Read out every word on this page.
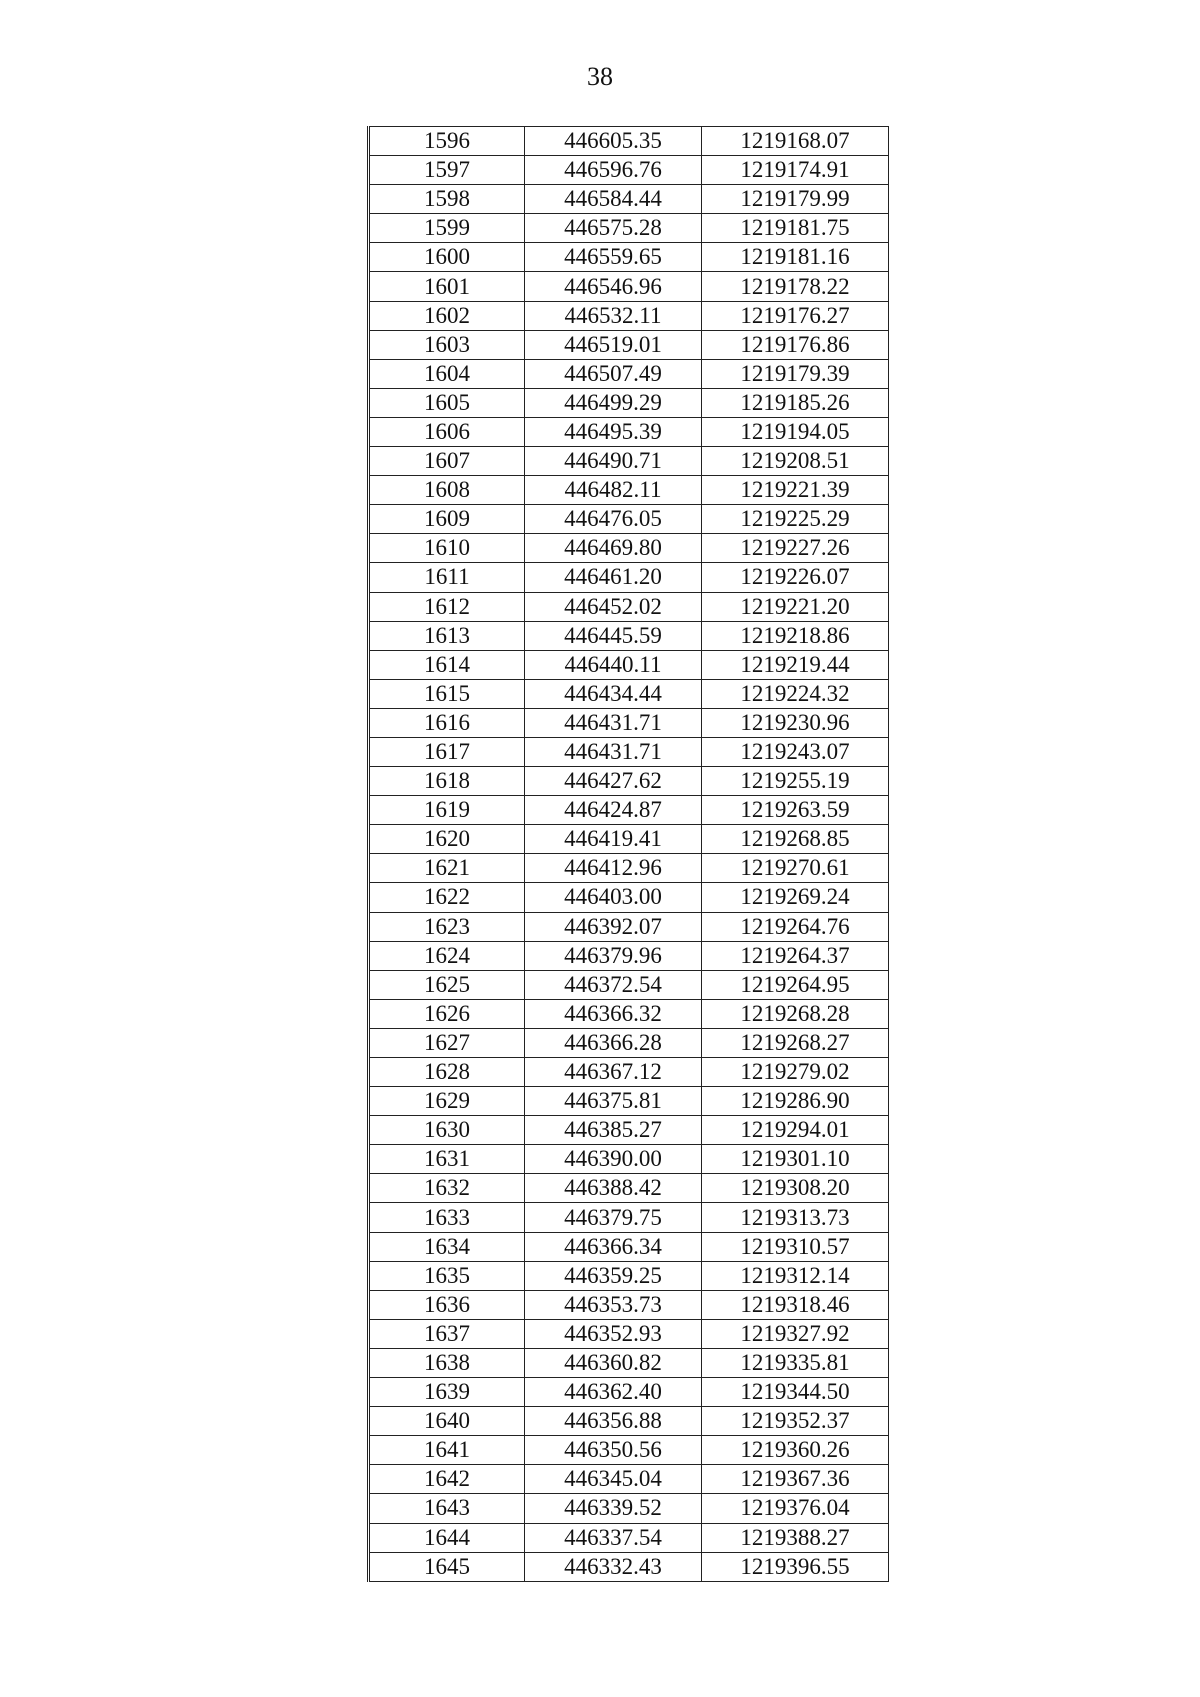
38
1596	446605.35	1219168.07
1597	446596.76	1219174.91
1598	446584.44	1219179.99
1599	446575.28	1219181.75
1600	446559.65	1219181.16
1601	446546.96	1219178.22
1602	446532.11	1219176.27
1603	446519.01	1219176.86
1604	446507.49	1219179.39
1605	446499.29	1219185.26
1606	446495.39	1219194.05
1607	446490.71	1219208.51
1608	446482.11	1219221.39
1609	446476.05	1219225.29
1610	446469.80	1219227.26
1611	446461.20	1219226.07
1612	446452.02	1219221.20
1613	446445.59	1219218.86
1614	446440.11	1219219.44
1615	446434.44	1219224.32
1616	446431.71	1219230.96
1617	446431.71	1219243.07
1618	446427.62	1219255.19
1619	446424.87	1219263.59
1620	446419.41	1219268.85
1621	446412.96	1219270.61
1622	446403.00	1219269.24
1623	446392.07	1219264.76
1624	446379.96	1219264.37
1625	446372.54	1219264.95
1626	446366.32	1219268.28
1627	446366.28	1219268.27
1628	446367.12	1219279.02
1629	446375.81	1219286.90
1630	446385.27	1219294.01
1631	446390.00	1219301.10
1632	446388.42	1219308.20
1633	446379.75	1219313.73
1634	446366.34	1219310.57
1635	446359.25	1219312.14
1636	446353.73	1219318.46
1637	446352.93	1219327.92
1638	446360.82	1219335.81
1639	446362.40	1219344.50
1640	446356.88	1219352.37
1641	446350.56	1219360.26
1642	446345.04	1219367.36
1643	446339.52	1219376.04
1644	446337.54	1219388.27
1645	446332.43	1219396.55
